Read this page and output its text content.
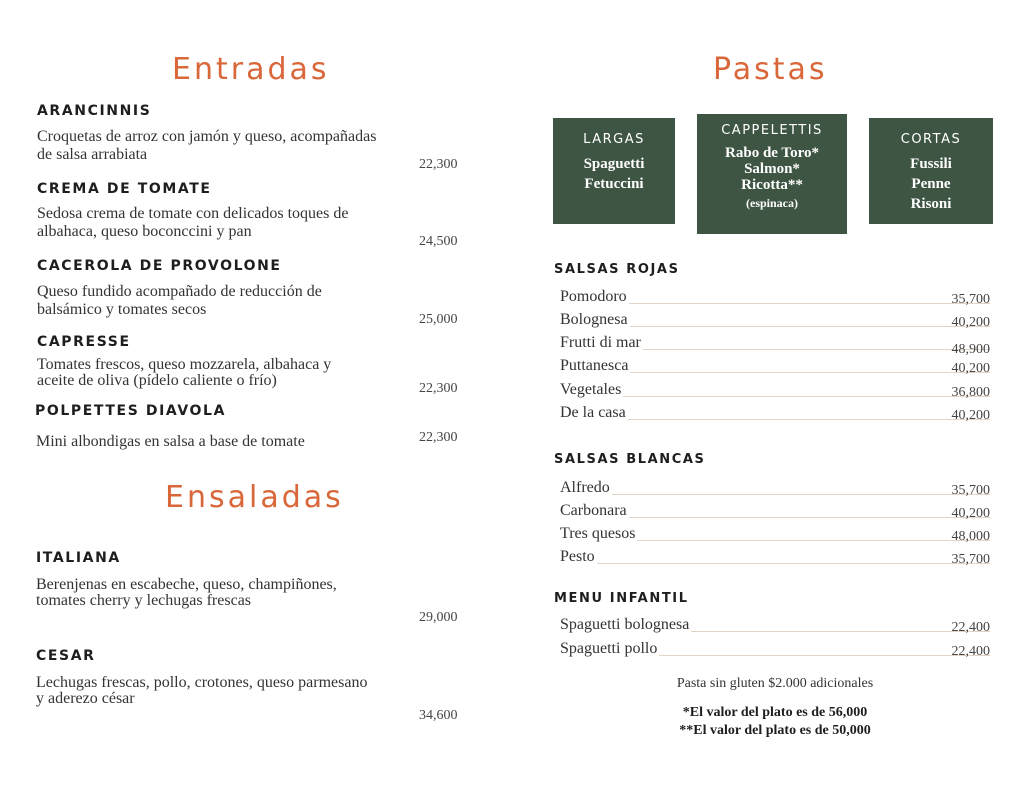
Entradas
ARANCINNIS
Croquetas de arroz con jamón y queso, acompañadas
de salsa arrabiata
22,300
CREMA DE TOMATE
Sedosa crema de tomate con delicados toques de
albahaca, queso boconccini y pan
24,500
CACEROLA DE PROVOLONE
Queso fundido acompañado de reducción de
balsámico y tomates secos
25,000
CAPRESSE
Tomates frescos, queso mozzarela, albahaca y
aceite de oliva (pídelo caliente o frío)	22,300
POLPETTES DIAVOLA
Mini albondigas en salsa a base de tomate	22,300
Ensaladas
ITALIANA
Berenjenas en escabeche, queso, champiñones,
tomates cherry y lechugas frescas
29,000
CESAR
Lechugas frescas, pollo, crotones, queso parmesano
y aderezo césar
34,600
Pastas
LARGAS
Spaguetti
Fetuccini
CAPPELETTIS
Rabo de Toro*
Salmon*
Ricotta**
(espinaca)
CORTAS
Fussili
Penne
Risoni
SALSAS ROJAS
Pomodoro	35,700
Bolognesa	40,200
Frutti di mar	48,900
Puttanesca	40,200
Vegetales	36,800
De la casa	40,200
SALSAS BLANCAS
Alfredo	35,700
Carbonara	40,200
Tres quesos	48,000
Pesto	35,700
MENU INFANTIL
Spaguetti bolognesa	22,400
Spaguetti pollo	22,400
Pasta sin gluten $2.000 adicionales
*El valor del plato es de 56,000
**El valor del plato es de 50,000
